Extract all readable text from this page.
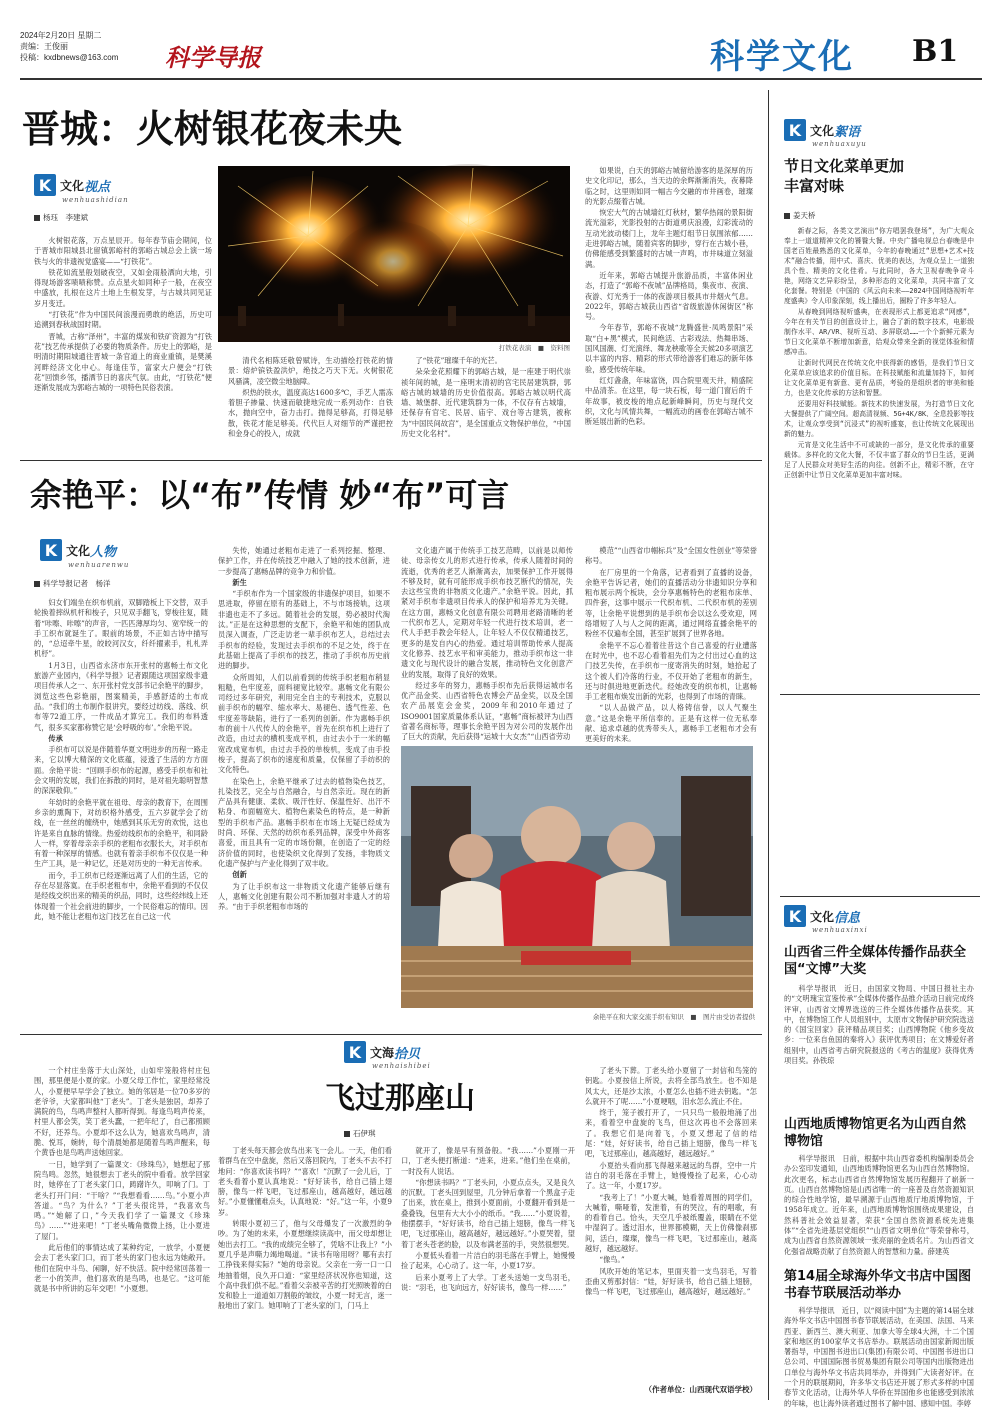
2024年2月20日 星期二
责编：王俊丽
投稿：kxdbnews@163.com	科学导报	科学文化 B1
晋城：火树银花夜未央
K 文化 视点
wenhuashidian
杨珏　李建斌

火树银花落，万点星辰开。每年春节庙会期间，位于晋城市阳城县北留镇郭峪村的郭峪古城总会上演一场铁与火的非遗视觉盛宴——“打铁花”。

铁花如流星般划破夜空，又如金雨般洒向大地，引得现场游客啧啧称赞。点点星火如同种子一般，在夜空中盛放，扎根在这片土地上生根发芽，与古城共同见证岁月变迁。

“打铁花”作为中国民间浪漫而勇敢的绝活，历史可追溯到春秋战国时期。

晋城，古称“泽州”，丰富的煤炭和铁矿资源为“打铁花”技艺传承提供了必要的物质条件。历史上的郭峪，是明清时期阳城通往晋城一条官道上的商业重镇，是樊溪河畔经济文化中心。每逢佳节，富家大户便会“打铁花”回馈乡邻，播洒节日的喜庆气氛。由此，“打铁花”便逐渐发展成为郭峪古城的一项特色民俗表演。

打铁花表演　■　资料图

清代名相陈廷敬曾赋诗，生动描绘打铁花的情景：熔炉镔铁盈洪炉，绝技之巧天下无。火树银花风骚满，凌空微尘地脑障。

炽热的铁水，温度高达1600多℃，手艺人需冻着胆子掺量、快速而敏捷地完成一系列动作：自铁水，抛向空中，奋力击打。抛得足够高，打得足够散，铁花才能足够美。代代巨人对细节的严谨把控和金身心的投入，成就

了“铁花”璀璨千年的光芒。

朵朵金花照耀下的郭峪古城，是一座建于明代崇祯年间的城，是一座明末清初的官宅民居建筑群，郭峪古城的城墙的历史价值很高。郭峪古城以明代高墙、城堡群、近代建筑群为一体，不仅存有古城墙，还保存有官宅、民居、庙宇、戏台等古建筑，被称为“中国民间故宫”，是全国重点文物保护单位，“中国历史文化名村”。

如果说，白天的郭峪古城留给游客的是深厚的历史文化印记，那么，当天边的余辉渐渐消失，夜幕降临之时，这里则如同一幅古今交融的市井画卷，璀璨的光影点缀着古城。

恢宏大气的古城墙红灯秋材，繁华热闹的景阳街流光溢彩，光影投射的古街道勇庆浪漫，幻彩流动的互动光波动楼门上，龙年主题灯组节日氛围浓郁……走进郭峪古城，随着宾客的脚步，穿行在古城小巷，仿佛能感受到繁盛时的古城一声鸣，市井味道立刻溢满。

近年来，郭峪古城提升旅游品质，丰富体闲业态，打造了“郭峪不夜城”品牌格局，集夜市、夜演、夜游、灯光秀于一体的夜游项目极具市井烟火气息。2022年，郭峪古城获山西省“省级旅游休闲街区”称号。

今年春节，郭峪不夜城“龙腾盛世·凤鸣景阳”采取“白+黑”模式，民间绝活、古彩戏法、热舞串场、国风国潮、灯光演绎、舞龙秧歌等全天候20多项演艺以丰富的内容、精彩的形式带给游客们难忘的新年体验，感受传统年味。

红灯盏盏，年味富饶，四合院里观天井，精盛院中品清茶。在这里，每一块石板，每一道门窗后的千年故事，被皮梭的地点起新峰瞬间，历史与现代交织，文化与风情共舞，一幅流动的画卷在郭峪古城不断延展出新的色彩。

余艳平：以“布”传情 妙“布”可言
K 文化 人物
wenhuarenwu
科学导报记者　杨洋

妇女们端坐在织布机前，双脚踏板上下交替，双手轮换着摔纵机杆和梭子，只见双手翻飞，穿梭往复，随着“咔嚓、咔嚓”的声音，一匹匹薄厚均匀、宽窄统一的手工织布就诞生了。眼前的场景，不正如古诗中描写的，“总迢牵牛星，皎皎河汉女，纤纤擢素手，札札弄机杼”。

1月3日，山西省永济市东开张村的惠畅土布文化旅游产业园内，《科学导报》记者跟随这项国家级非遗项目传承人之一、东开张村党支部书记余艳平的脚步，浏览这些色彩艳丽，图案精美，手感舒适的土布成品。“我们的土布制作很讲究，要经过纺线、落线、织布等72道工序，一件成品才算完工。我们的布料透气，很多买家都称赞它是‘会呼吸的布’。”余艳平说。

传承

手织布可以说是伴随着华夏文明进步的历程一路走来，它以博大精深的文化底蕴，浸透了生活的方方面面。余艳平说：“回顾手织布的起源，感受手织布和社会文明的发展，我们在拆散的同时，是对祖先聪明智慧的深深敬仰。”

年幼时的余艳平就在祖母、母亲的教育下，在周围乡亲的熏陶下，对纺织格外感受，五六岁就学会了纺线，在一丝丝的缠绕中，她感到其乐无穷的欢悦，这也许是来自血脉的情缘。热爱纺线织布的余艳平，和同龄人一样，穿着母亲亲手织的老粗布衣服长大，对手织布有着一种深厚的情感。也就有着亲手织布不仅仅是一种生产工具，是一种记忆，还是对历史的一种无言传承。

而今，手工织布已经逐渐远离了人们的生活，它的存在尽显落寞。在手织老粗布中，余艳平看到的不仅仅是经线交织出来的精美的织品，同时，这些经纬线上还体现着一个社会前进的脚步，一个民俗难忘的情印。因此，她不能让老粗布这门技艺在自己这一代

失传，她通过老粗布走进了一系列挖掘、整理、保护工作，并在传统技艺中融入了她的技术创新，进一步提高了惠畅品牌的竞争力和价值。

新生

“手织布作为一个国家级的非遗保护项目，如果不思进取，停留在原有的基础上，不与市场接轨，这项非遗也走不了多远。随着社会的发展，势必被时代淘汰。”正是在这种思想的支配下，余艳平和她的团队成员深入调查，广泛走访老一辈手织布艺人，总结过去手织布的经验，发现过去手织布的不足之处，终于在此基础上提高了手织布的技艺，推动了手织布历史前进的脚步。

众所周知，人们以前看到的传统手织老粗布稍显粗糙，色牢度差，面料褪宽比较窄。惠畅文化有限公司经过多年研究，利用完全自主的专利技术，克服以前手织布的幅窄、缩水率大、易褪色、透气性差、色牢度差等缺陷，进行了一系列的创新。作为惠畅手织布的前十八代传人的余艳平，首先在织布机上进行了改造，由过去的横机变成平机，由过去小于一米的幅宽改成宽布机，由过去手投的单梭机，变成了由手投梭子，提高了织布的速度和质量，仅保留了手纺织的文化特色。

在染色上，余艳平继承了过去的植物染色技艺，扎染技艺，完全与自然融合，与自然亲近。现在的新产品具有健康、柔软、吸汗性好、保温性好、出汗不粘身、布面幅宽大、植物色素染色的特点，是一种新型的手织布产品。惠畅手织布在市场上无疑已经成为时尚、环保、天然的纺织布系列品牌，深受中外商客喜爱，而且具有一定的市场份额，在创造了一定的经济价值的同时，也使染织文化得到了发扬，非物质文化遗产保护与产业化得到了双丰收。

创新

为了让手织布这一非物质文化遗产能够后继有人，惠畅文化创建有限公司不断加强对非遗人才的培养。“由于手织老粗布市场的

文化遗产属于传统手工技艺范畴，以前是以师传徒、母亲传女儿的形式进行传承，传承人随着时间的流逝，优秀的老艺人渐渐离去，加果保护工作开展得不够及时，就有可能形成手织布技艺断代的情况，失去这些宝贵的非物质文化遗产。”余艳平说。因此，抓紧对手织布非遗项目传承人的保护和培养尤为关键。在这方面，惠畅文化创意有限公司聘用老路清晰的老一代织布艺人，定期对年轻一代进行技术培训，老一代人手把手教会年轻人，让年轻人不仅仅精通技艺，更多的是发自内心的热爱。通过培训帮助传承人提高文化修养、技艺水平和审美能力，推动手织布这一非遗文化与现代设计的融合发展，推动特色文化创意产业的发展，取得了良好的效果。

经过多年的努力，惠畅手织布先后获得运城市名优产品金奖、山西省特色农博会产品金奖，以及全国农产品展览会金奖，2009年和2010年通过了ISO9001国家质量体系认证，“惠畅”商标被评为山西省著名商标等，理事长余艳平因为对公司的发展作出了巨大的贡献，先后获得“运城十大女杰”“山西省劳动

模范”“山西省巾帼标兵”及“全国女性创业”等荣誉称号。

在厂房里的一个角落，记者看到了直播的设备，余艳平告诉记者，她们的直播活动分非遗知识分享和粗布展示两个板块，会分享惠畅特色的老粗布床单、四件套，这事中展示一代织布机、二代织布机的差别等，让余艳平说想到的是手织布会以这么受欢迎，网络增短了人与人之间的距离，通过网络直播余艳平的粉丝不仅遍布全国，甚至扩展到了世界各地。

余艳平不忘心着着往昔这个自己喜爱的行业遭落在时光中，也不忍心看着祖先们为之付出过心血的这门技艺失传，在手织布一度寄消失的时刻，她拾起了这个被人们冷落的行业，不仅开始了老粗布的新生，还与时俱进地更新迭代。经她改变的织布机，让惠畅手工老粗布焕发出新的光彩，也得到了市场的青睐。

“以人品做产品，以人格铸信誉，以人气聚生意。”这是余艳平所信奉的。正是有这样一位无私奉献、追求卓越的优秀带头人，惠畅手工老粗布才会有更美好的未来。

余艳平在和大家交流手织布知识　■　图片由受访者提供

一个村庄坐落于大山深处，山如牢笼般将村庄包围，那里便是小夏的家。小夏父母工作忙，家里经常没人，小夏便早早学会了独立。她的邻居是一位70多岁的老爷爷，大家都叫他“丁老头”。丁老头是独居，却养了满院的鸟，鸟鸣声整村人都听得到。每逢鸟鸣声传来，村里人都会笑，笑丁老头蠢，一把年纪了，自己都照顾不好，还养鸟。小夏却不这么认为，她喜欢鸟鸣声，清脆、悦耳，婉转，每个清晨她都是随着鸟鸣声醒来，每个黄昏也是鸟鸣声送她回家。

一日，她学到了一篇课文：《珍珠鸟》，她想起了那院鸟鸣。忽然，她很想去丁老头的院中看看。放学回家时，她停在了丁老头家门口，踌躇许久，叩响了门。丁老头打开门问：“干啥？”“我想看看……鸟。”小夏小声答道。“鸟？为什么？”丁老头很诧异，“我喜欢鸟鸣。”“她解了口，”今天我们学了一篇课文《珍珠鸟》……”“进来吧！”丁老头嘴角微微上扬，让小夏进了屋门。

此后他们的事情达成了某种约定，一放学，小夏便会去丁老头家门口，而丁老头的家门也永远为她敞开。他们在院中斗鸟、闲聊，好不快活。院中经常回荡着一老一小的笑声，他们喜欢的是鸟鸣，也是它。“这可能就是书中所讲的忘年交吧！”小夏想。

K 文海 拾贝
wenhaishibei
飞过那座山
石伊琪

丁老头每天都会放鸟出来飞一会儿。一天，他们看着群鸟在空中盘旋，然后又落回院内，丁老头不去不打地问：“你喜欢读书吗？”“喜欢！”沉默了一会儿后，丁老头看着小夏认真地说：“好好读书，给自己插上翅膀，像鸟一样飞吧，飞过那座山，越高越好，越远越好。”小夏懂懂难点头，认真地说：“好。”这一年，小夏9岁。

转眼小夏初三了，他与父母爆发了一次激烈的争吵。为了她的未来，小夏想继续读高中，而父母却想让她出去打工。“我的成绩完全够了，凭啥不让我上？”小夏几乎是声嘶力竭地喝道。“读书有啥用呀？哪有去打工挣钱来得实际？”她的母亲说。父亲在一旁一口一口地抽着烟，良久开口道：“家里经济状况你也知道，这个高中我们供不起。”看着父亲被辛苦的打光照映着的白发和脸上一道道如刀割般的皱纹，小夏一时无言，迷一般地出了家门。她叩响了丁老头家的门，门马上

就开了，像是早有预备般。“我……”小夏刚一开口，丁老头便打断道：“进来，进来。”他们坐在桌前，一时没有人说话。

“你想读书吗？”丁老头问，小夏点点头，又是良久的沉默。丁老头回到屋里，几分钟后拿着一个黑盒子走了出来，放在桌上，推到小夏面前，小夏翻开看到是一叠叠钱，包里有大大小小的纸币。“我……”小夏说着，他摆摆手，“好好读书，给自己插上翅膀，像鸟一样飞吧，飞过那座山，越高越好，越远越好。”小夏哭着，望着丁老头苍老的脸，以及布满老茧的手，突然很想哭。

小夏低头看着一片洁白的羽毛落在手臂上，她慢慢捡了起来，心心动了。这一年，小夏17岁。

后来小夏考上了大学。丁老头送她一支鸟羽毛，说：“羽毛，也飞向远方，好好读书，像鸟一样……”

了老头下葬。丁老头给小夏留了一封信和鸟笼的钥匙。小夏按信上所说，去将全部鸟放生。也不知是风太大，还是沙太浓，小夏怎么也插不进去钥匙。“怎么就开不了呢……”小夏哽咽，泪水怎么流止不住。

终于，笼子被打开了，一只只鸟一般般地涌了出来，看着空中盘旋的飞鸟，但这次再也不会落回来了。我想它们是向着飞，小夏又想起了信的结尾：“娃，好好读书，给自己插上翅膀，像鸟一样飞吧，飞过那座山，越高越好，越远越好。”

小夏抬头看向那飞得越来越远的鸟群，空中一片洁白的羽毛落在手臂上，她慢慢捡了起来，心心动了。这一年，小夏17岁。

“我考上了！”小夏大喊，她看着周围的同学们，大喊着，嘶哑着，发泄着，有的哭泣，有的唱歌，有的看着自己。恰头，天空几乎被纸覆盖，眼睛在不觉中湿润了。透过泪水，世界都模糊，天上仿佛像刹那间，活白，璨璨，像鸟一样飞吧，飞过那座山，越高越好，越远越好。

“像鸟。”

风吹开她的笔记本，里面夹着一支鸟羽毛，写着歪曲又剪那封信：“娃，好好读书，给自己插上翅膀，像鸟一样飞吧，飞过那座山，越高越好，越远越好。”

（作者单位：山西现代双语学校）
K 文化 絮语
wenhuaxuyu
节日文化菜单更加丰富对味
姜天桥

新春之际，各类文艺演出“你方唱罢我登场”，为广大观众奉上一道道精神文化的饕餮大餐。中央广播电视总台春晚是中国老百姓最熟悉的文化菜单，今年的春晚通过“思想+艺术+技术”融合传播，用中式、喜庆、优美的表达，为观众呈上一道独具个性、精美的文化佳肴。与此同时，各大卫视春晚争奇斗艳，网络文艺异彩纷呈，多种形态的文化菜单，共同丰富了文化套餐。特别是《中国的《风云向未来——2024中国网络视听年度盛典》令人印象深刻，线上播出后，圈粉了许多年轻人。

从春晚到网络视听盛典，在表现形式上都更追求“网感”，今年在有关节目的创意设计上，融合了新的数字技术，电影级制作水平、AR/VR、视听互动、多屏联动……一个个新鲜元素为节日文化菜单不断增加新意，给观众带来全新的视觉体验和情感冲击。

让新时代网民在传统文化中获得新的感悟，是我们节日文化菜单应该追求的价值目标。在科技赋能和流量加持下，如何让文化菜单更有新意、更有品质，考验的是组织者的审美和能力，也是文化传承的方法和智慧。

还要用好科技赋能。新技术的快速发展，为打造节日文化大餐提供了广阔空间。超高清视频、5G+4K/8K、全息投影等技术，让观众享受到“沉浸式”的视听盛宴，也让传统文化展现出新的魅力。

元宵是文化生活中不可或缺的一部分，是文化传承的重要载体。多样化的文化大餐，不仅丰富了群众的节日生活，更满足了人民群众对美好生活的向往。创新不止，精彩不断，在守正创新中让节日文化菜单更加丰富对味。

K 文化 信息
wenhuaxinxi
山西省三件全媒体传播作品获全国“文博”大奖

科学导报讯　近日，由国家文物局、中国日报社主办的“文明瑰宝宣鉴传承”全媒体传播作品推介活动日前完成终评审，山西省文博界选送的三件全媒体传播作品获奖。其中，在博物馆工作人员组别中，太原市文物保护研究院选送的《国宝回家》获评精品项目奖；山西博物院《他乡变故乡：一位来自鱼国的秦将入》获评优秀项目；在文博爱好者组别中，山西省考古研究院报送的《考古的温度》获得优秀项目奖。孙铁琼

山西地质博物馆更名为山西自然博物馆

科学导报讯　日前，根据中共山西省委机构编制委员会办公室印发通知，山西地质博物馆更名为山西自然博物馆。此次更名，标志山西省自然博物馆发展历程翻开了崭新一页。山西自然博物馆是山西省唯一的一座普及自然资源知识的综合性地学馆，最早溯源于山西地质厅地质博物馆，于1958年成立。近年来，山西地质博物馆围绕成果建设，自然科普社会效益显著，荣获“全国自然资源系统先进集体”“全省先进基层党组织”“山西省文明单位”等荣誉称号，成为山西省自然资源领域一张亮丽的金质名片。为山西省文化强省战略贡献了自然资源人的智慧和力量。薛建英

第14届全球海外华文书店中国图书春节联展活动举办

科学导报讯　近日，以“阅读中国”为主题的第14届全球海外华文书店中国图书春节联展活动，在美国、法国、马来西亚、新西兰、澳大利亚、加拿大等全球4大洲，十二个国家和地区的100家华文书店举办。联展活动由国家新闻出版署指导，中国图书进出口(集团)有限公司、中国图书进出口总公司、中国国际图书贸易集团有限公司等国内出版物进出口单位与海外华文书店共同举办，并得到广大读者好评。在一个月的联展期间，许多华文书店还开展了形式多样的中国春节文化活动，让海外华人华侨在异国他乡也能感受到浓浓的年味，也让海外读者通过图书了解中国、感知中国。李婷
